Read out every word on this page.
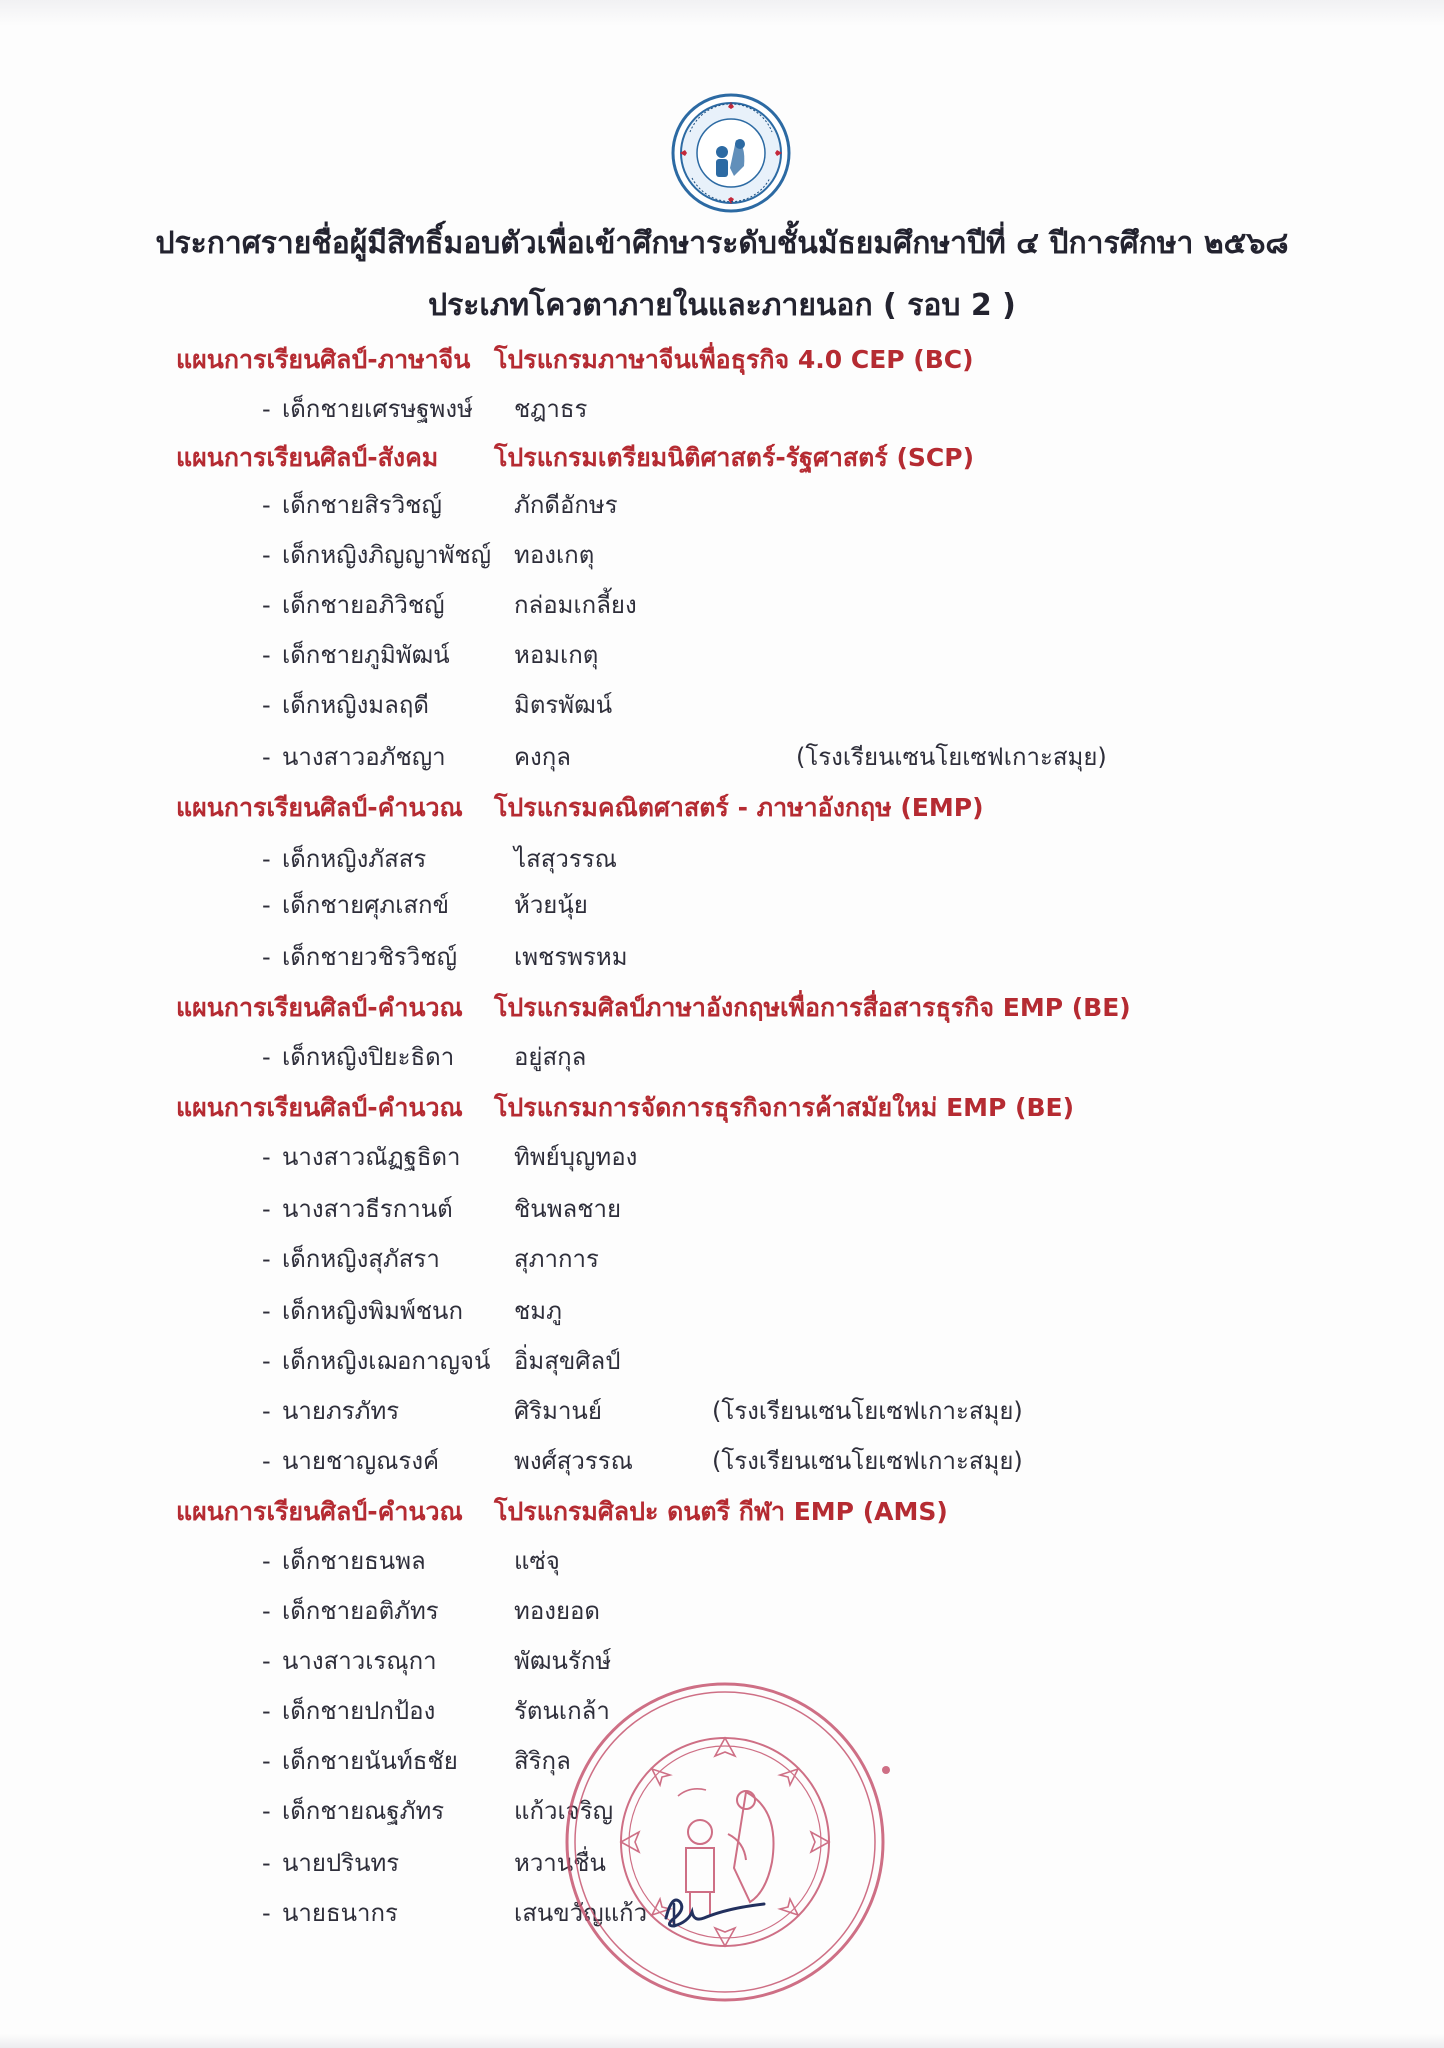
ประกาศรายชื่อผู้มีสิทธิ์มอบตัวเพื่อเข้าศึกษาระดับชั้นมัธยมศึกษาปีที่ ๔ ปีการศึกษา ๒๕๖๘
ประเภทโควตาภายในและภายนอก ( รอบ 2 )
แผนการเรียนศิลป์-ภาษาจีน โปรแกรมภาษาจีนเพื่อธุรกิจ 4.0 CEP (BC)
- เด็กชายเศรษฐพงษ์ ชฎาธร
แผนการเรียนศิลป์-สังคม โปรแกรมเตรียมนิติศาสตร์-รัฐศาสตร์ (SCP)
- เด็กชายสิรวิชญ์	ภักดีอักษร
- เด็กหญิงภิญญาพัชญ์ ทองเกตุ
- เด็กชายอภิวิชญ์	กล่อมเกลี้ยง
- เด็กชายภูมิพัฒน์	หอมเกตุ
- เด็กหญิงมลฤดี	มิตรพัฒน์
- นางสาวอภัชญา	คงกุล	(โรงเรียนเซนโยเซฟเกาะสมุย)
แผนการเรียนศิลป์-คำนวณ โปรแกรมคณิตศาสตร์ - ภาษาอังกฤษ (EMP)
- เด็กหญิงภัสสร	ไสสุวรรณ
- เด็กชายศุภเสกข์	ห้วยนุ้ย
- เด็กชายวชิรวิชญ์ เพชรพรหม
แผนการเรียนศิลป์-คำนวณ โปรแกรมศิลป์ภาษาอังกฤษเพื่อการสื่อสารธุรกิจ EMP (BE)
- เด็กหญิงปิยะธิดา อยู่สกุล
แผนการเรียนศิลป์-คำนวณ โปรแกรมการจัดการธุรกิจการค้าสมัยใหม่ EMP (BE)
- นางสาวณัฏฐธิดา ทิพย์บุญทอง
- นางสาวธีรกานต์	ชินพลชาย
- เด็กหญิงสุภัสรา	สุภาการ
- เด็กหญิงพิมพ์ชนก ชมภู
- เด็กหญิงเฌอกาญจน์ อิ่มสุขศิลป์
- นายภรภัทร	ศิริมานย์	(โรงเรียนเซนโยเซฟเกาะสมุย)
- นายชาญณรงค์	พงศ์สุวรรณ	(โรงเรียนเซนโยเซฟเกาะสมุย)
แผนการเรียนศิลป์-คำนวณ โปรแกรมศิลปะ ดนตรี กีฬา EMP (AMS)
- เด็กชายธนพล	แซ่จุ
- เด็กชายอติภัทร	ทองยอด
- นางสาวเรณุกา	พัฒนรักษ์
- เด็กชายปกป้อง	รัตนเกล้า
- เด็กชายนันท์ธชัย สิริกุล
- เด็กชายณฐภัทร	แก้วเจริญ
- นายปรินทร	หวานชื่น
- นายธนากร	เสนขวัญแก้ว
